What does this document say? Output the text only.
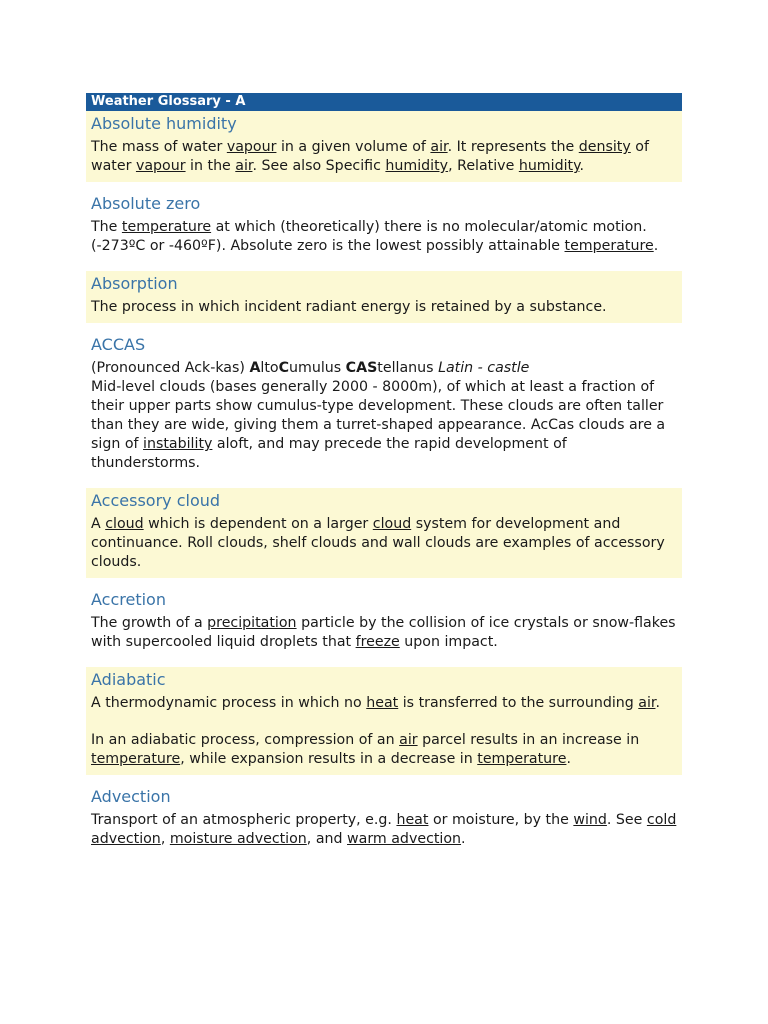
Weather Glossary - A
Absolute humidity

The mass of water vapour in a given volume of air. It represents the density of water vapour in the air. See also Specific humidity, Relative humidity.

Absolute zero

The temperature at which (theoretically) there is no molecular/atomic motion. (-273ºC or -460ºF). Absolute zero is the lowest possibly attainable temperature.

Absorption

The process in which incident radiant energy is retained by a substance.

ACCAS

(Pronounced Ack-kas) AltoCumulus CAStellanus Latin - castle
Mid-level clouds (bases generally 2000 - 8000m), of which at least a fraction of their upper parts show cumulus-type development. These clouds are often taller than they are wide, giving them a turret-shaped appearance. AcCas clouds are a sign of instability aloft, and may precede the rapid development of thunderstorms.

Accessory cloud

A cloud which is dependent on a larger cloud system for development and continuance. Roll clouds, shelf clouds and wall clouds are examples of accessory clouds.

Accretion

The growth of a precipitation particle by the collision of ice crystals or snow-flakes with supercooled liquid droplets that freeze upon impact.

Adiabatic

A thermodynamic process in which no heat is transferred to the surrounding air.

In an adiabatic process, compression of an air parcel results in an increase in temperature, while expansion results in a decrease in temperature.

Advection

Transport of an atmospheric property, e.g. heat or moisture, by the wind. See cold advection, moisture advection, and warm advection.
